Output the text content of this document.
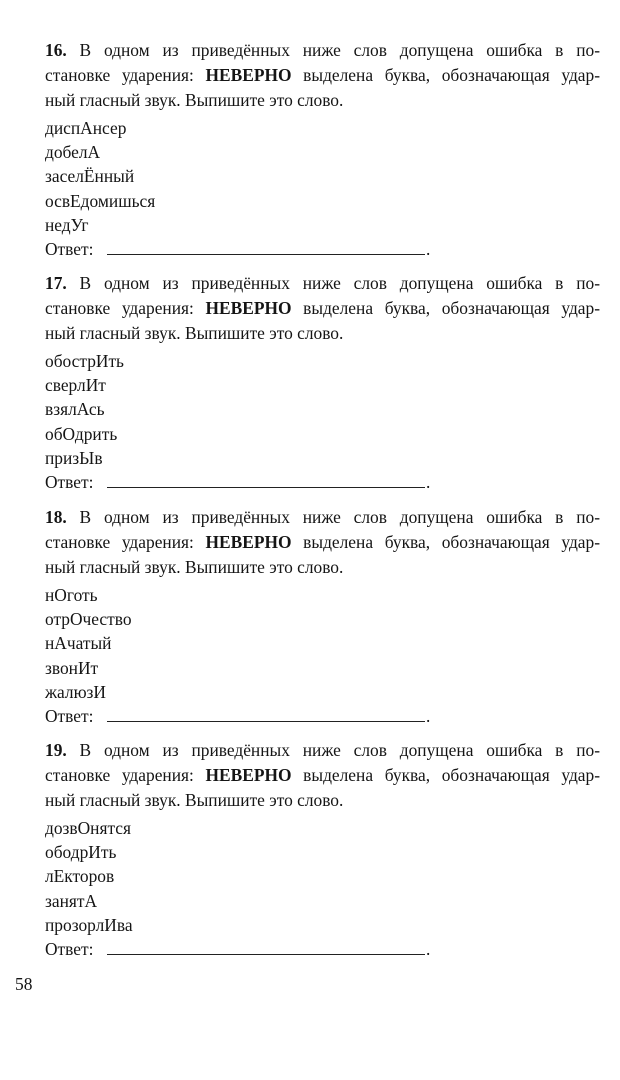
16. В одном из приведённых ниже слов допущена ошибка в по-
становке ударения: НЕВЕРНО выделена буква, обозначающая удар-
ный гласный звук. Выпишите это слово.
диспАнсер
добелА
заселЁнный
освЕдомишься
недУг
Ответ:	.
17. В одном из приведённых ниже слов допущена ошибка в по-
становке ударения: НЕВЕРНО выделена буква, обозначающая удар-
ный гласный звук. Выпишите это слово.
обострИть
сверлИт
взялАсь
обОдрить
призЫв
Ответ:	.
18. В одном из приведённых ниже слов допущена ошибка в по-
становке ударения: НЕВЕРНО выделена буква, обозначающая удар-
ный гласный звук. Выпишите это слово.
нОготь
отрОчество
нАчатый
звонИт
жалюзИ
Ответ:	.
19. В одном из приведённых ниже слов допущена ошибка в по-
становке ударения: НЕВЕРНО выделена буква, обозначающая удар-
ный гласный звук. Выпишите это слово.
дозвОнятся
ободрИть
лЕкторов
занятА
прозорлИва
Ответ:	.
58
